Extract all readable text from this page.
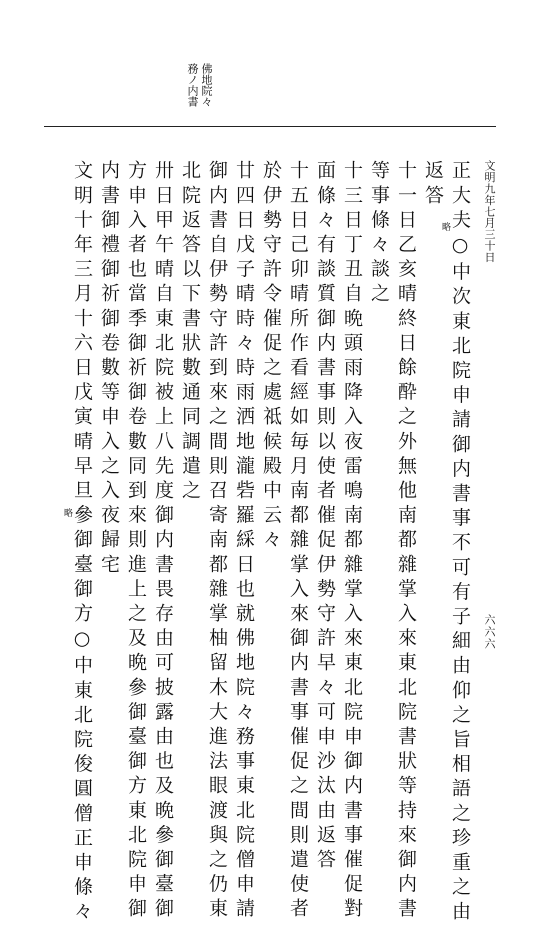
佛地院々
務ノ内書
文明九年七月三十日
六六六
正大夫○中次東北院申請御内書事不可有子細由仰之旨相語之珍重之由
略
返答
十一日乙亥晴終日餘酔之外無他南都雜掌入來東北院書狀等持來御内書
等事條々談之
十三日丁丑自晩頭雨降入夜雷鳴南都雜掌入來東北院申御内書事催促對
面條々有談質御内書事則以使者催促伊勢守許早々可申沙汰由返答
十五日己卯晴所作看經如毎月南都雜掌入來御内書事催促之間則遣使者
於伊勢守許令催促之處祗候殿中云々
廿四日戊子晴時々時雨洒地瀧砦羅綵日也就佛地院々務事東北院僧申請
御内書自伊勢守許到來之間則召寄南都雜掌柚留木大進法眼渡與之仍東
北院返答以下書狀數通同調遣之
卅日甲午晴自東北院被上八先度御内書畏存由可披露由也及晩參御臺御
方申入者也當季御祈御卷數同到來則進上之及晩參御臺御方東北院申御
内書御禮御祈御卷數等申入之入夜歸宅
文明十年三月十六日戊寅晴早旦參御臺御方○中東北院俊圓僧正申條々
略
